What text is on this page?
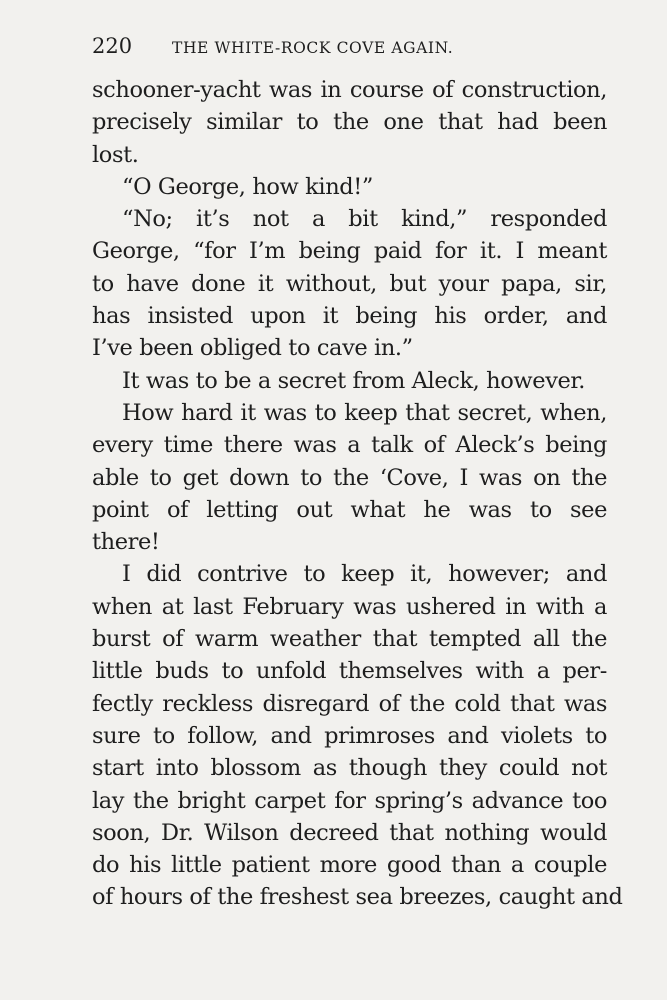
220	THE WHITE-ROCK COVE AGAIN.
schooner-yacht was in course of construction,
precisely similar to the one that had been
lost.
“O George, how kind!”
“No; it’s not a bit kind,” responded
George, “for I’m being paid for it. I meant
to have done it without, but your papa, sir,
has insisted upon it being his order, and
I’ve been obliged to cave in.”
It was to be a secret from Aleck, however.
How hard it was to keep that secret, when,
every time there was a talk of Aleck’s being
able to get down to the ‘Cove, I was on the
point of letting out what he was to see
there!
I did contrive to keep it, however; and
when at last February was ushered in with a
burst of warm weather that tempted all the
little buds to unfold themselves with a per-
fectly reckless disregard of the cold that was
sure to follow, and primroses and violets to
start into blossom as though they could not
lay the bright carpet for spring’s advance too
soon, Dr. Wilson decreed that nothing would
do his little patient more good than a couple
of hours of the freshest sea breezes, caught and
